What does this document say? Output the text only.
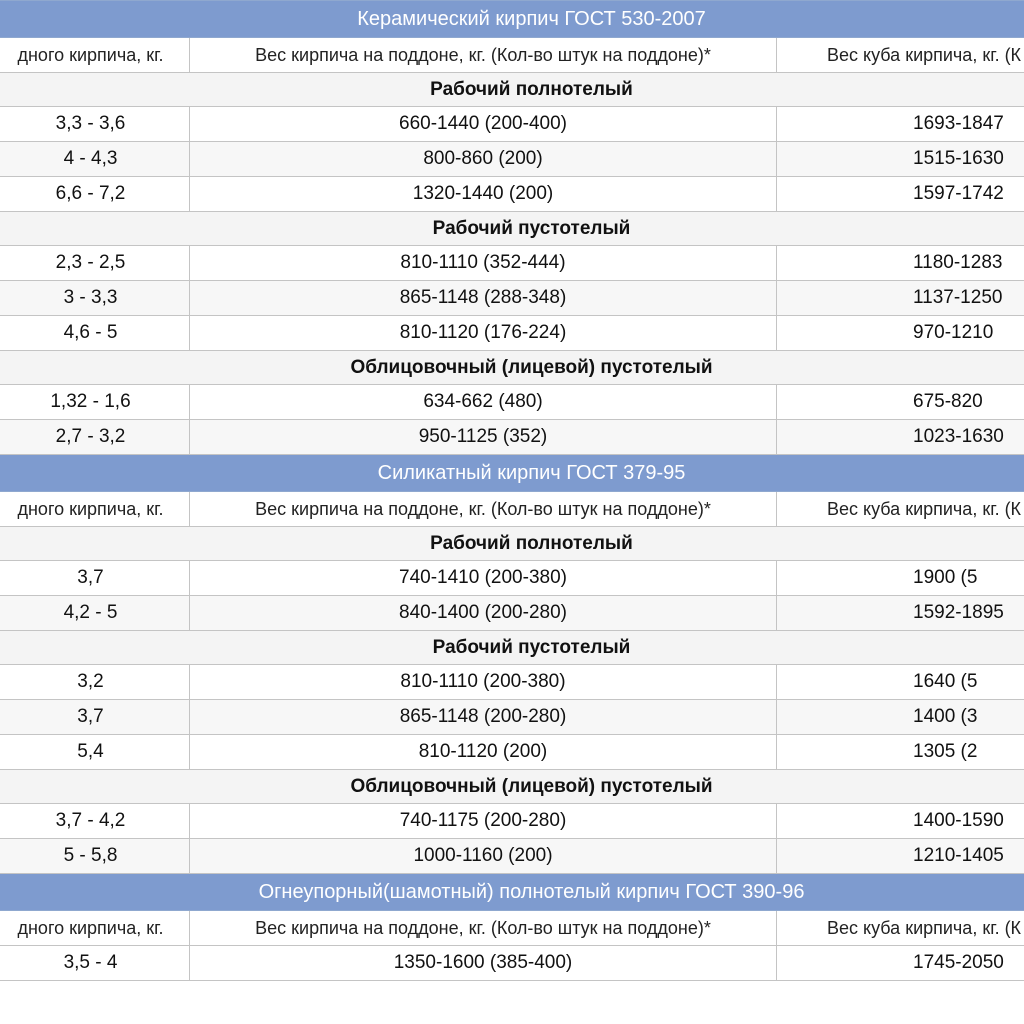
Керамический кирпич ГОСТ 530-2007		
дного кирпича, кг.	Вес кирпича на поддоне, кг. (Кол-во штук на поддоне)*	Вес куба кирпича, кг. (К
Рабочий полнотелый		
3,3 - 3,6	660-1440 (200-400)	1693-1847
4 - 4,3	800-860 (200)	1515-1630
6,6 - 7,2	1320-1440 (200)	1597-1742
Рабочий пустотелый		
2,3 - 2,5	810-1110 (352-444)	1180-1283
3 - 3,3	865-1148 (288-348)	1137-1250
4,6 - 5	810-1120 (176-224)	970-1210
Облицовочный (лицевой) пустотелый		
1,32 - 1,6	634-662 (480)	675-820
2,7 - 3,2	950-1125 (352)	1023-1630
Силикатный кирпич ГОСТ 379-95		
дного кирпича, кг.	Вес кирпича на поддоне, кг. (Кол-во штук на поддоне)*	Вес куба кирпича, кг. (К
Рабочий полнотелый		
3,7	740-1410 (200-380)	1900 (5
4,2 - 5	840-1400 (200-280)	1592-1895
Рабочий пустотелый		
3,2	810-1110 (200-380)	1640 (5
3,7	865-1148 (200-280)	1400 (3
5,4	810-1120 (200)	1305 (2
Облицовочный (лицевой) пустотелый		
3,7 - 4,2	740-1175 (200-280)	1400-1590
5 - 5,8	1000-1160 (200)	1210-1405
Огнеупорный(шамотный) полнотелый кирпич ГОСТ 390-96		
дного кирпича, кг.	Вес кирпича на поддоне, кг. (Кол-во штук на поддоне)*	Вес куба кирпича, кг. (К
3,5 - 4	1350-1600 (385-400)	1745-2050
